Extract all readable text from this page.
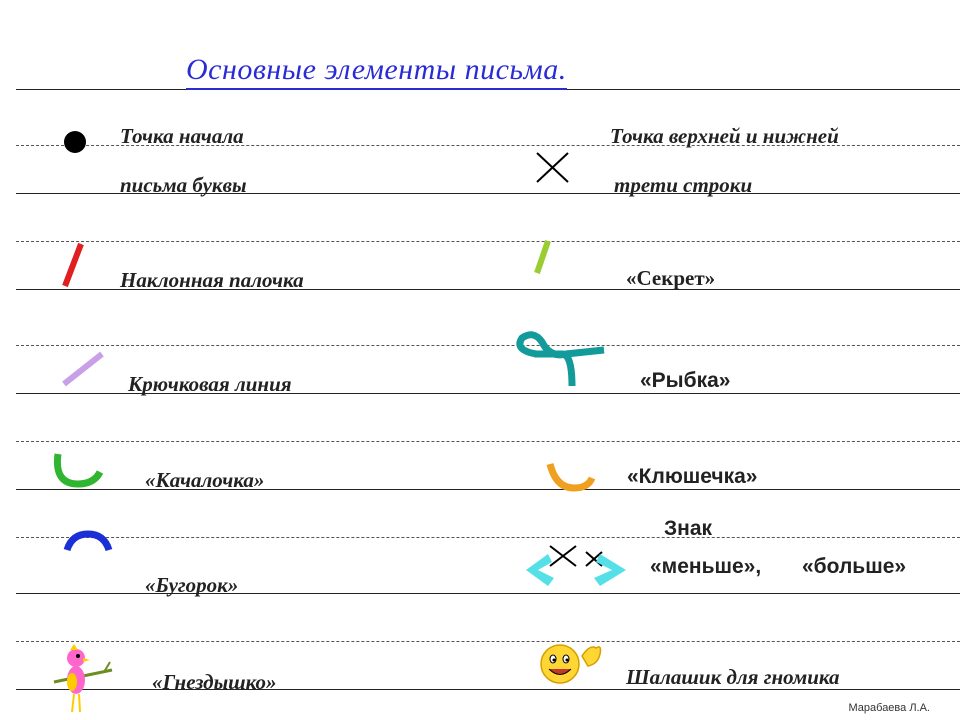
Основные элементы письма.
Точка начала
письма буквы
Наклонная палочка
Крючковая линия
«Качалочка»
«Бугорок»
«Гнездышко»
Точка верхней и нижней
трети строки
«Секрет»
«Рыбка»
«Клюшечка»
Знак
«меньше», «больше»
Шалашик для гномика
Марабаева Л.А.
